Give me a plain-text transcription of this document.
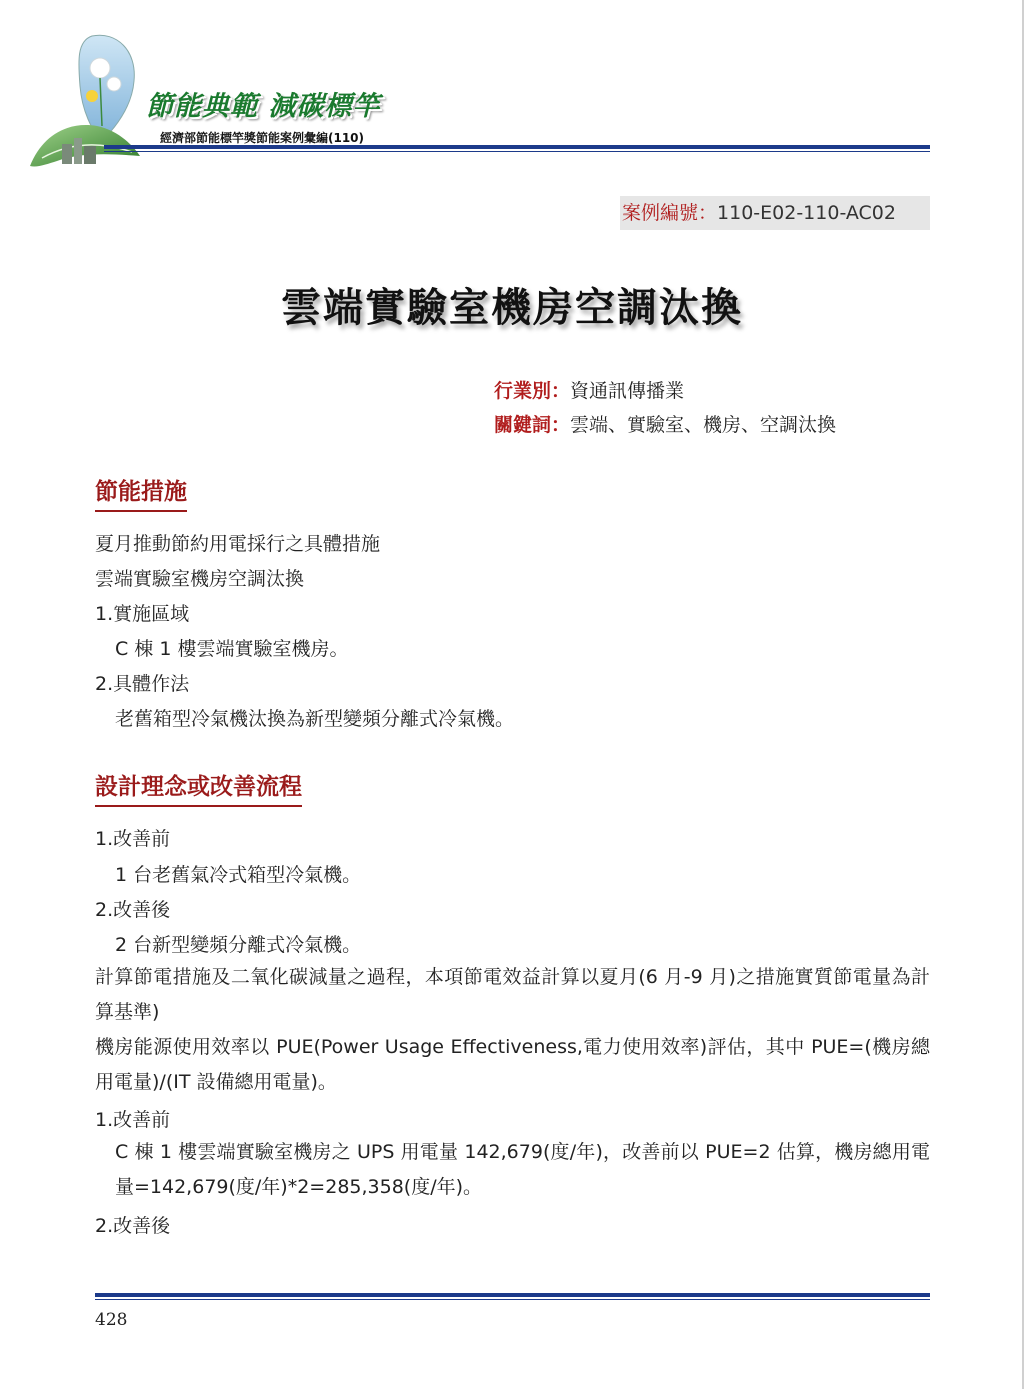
節能典範 減碳標竿
經濟部節能標竿獎節能案例彙編(110)
案例編號：110-E02-110-AC02
雲端實驗室機房空調汰換
行業別：資通訊傳播業
關鍵詞：雲端、實驗室、機房、空調汰換
節能措施
夏月推動節約用電採行之具體措施
雲端實驗室機房空調汰換
1.實施區域
C 棟 1 樓雲端實驗室機房。
2.具體作法
老舊箱型冷氣機汰換為新型變頻分離式冷氣機。
設計理念或改善流程
1.改善前
1 台老舊氣冷式箱型冷氣機。
2.改善後
2 台新型變頻分離式冷氣機。
計算節電措施及二氧化碳減量之過程，本項節電效益計算以夏月(6 月-9 月)之措施實質節電量為計算基準)
機房能源使用效率以 PUE(Power Usage Effectiveness,電力使用效率)評估，其中 PUE=(機房總用電量)/(IT 設備總用電量)。
1.改善前
C 棟 1 樓雲端實驗室機房之 UPS 用電量 142,679(度/年)，改善前以 PUE=2 估算，機房總用電量=142,679(度/年)*2=285,358(度/年)。
2.改善後
428
